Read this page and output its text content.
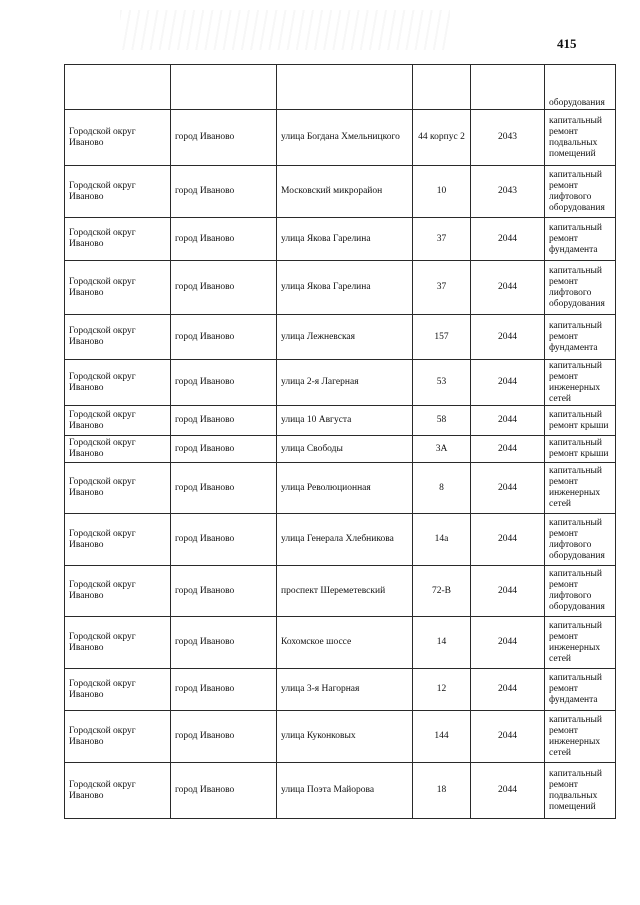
415
					оборудования
Городской округ Иваново	город Иваново	улица Богдана Хмельницкого	44 корпус 2	2043	капитальный ремонт подвальных помещений
Городской округ Иваново	город Иваново	Московский микрорайон	10	2043	капитальный ремонт лифтового оборудования
Городской округ Иваново	город Иваново	улица Якова Гарелина	37	2044	капитальный ремонт фундамента
Городской округ Иваново	город Иваново	улица Якова Гарелина	37	2044	капитальный ремонт лифтового оборудования
Городской округ Иваново	город Иваново	улица Лежневская	157	2044	капитальный ремонт фундамента
Городской округ Иваново	город Иваново	улица 2-я Лагерная	53	2044	капитальный ремонт инженерных сетей
Городской округ Иваново	город Иваново	улица 10 Августа	58	2044	капитальный ремонт крыши
Городской округ Иваново	город Иваново	улица Свободы	3А	2044	капитальный ремонт крыши
Городской округ Иваново	город Иваново	улица Революционная	8	2044	капитальный ремонт инженерных сетей
Городской округ Иваново	город Иваново	улица Генерала Хлебникова	14а	2044	капитальный ремонт лифтового оборудования
Городской округ Иваново	город Иваново	проспект Шереметевский	72-В	2044	капитальный ремонт лифтового оборудования
Городской округ Иваново	город Иваново	Кохомское шоссе	14	2044	капитальный ремонт инженерных сетей
Городской округ Иваново	город Иваново	улица 3-я Нагорная	12	2044	капитальный ремонт фундамента
Городской округ Иваново	город Иваново	улица Куконковых	144	2044	капитальный ремонт инженерных сетей
Городской округ Иваново	город Иваново	улица Поэта Майорова	18	2044	капитальный ремонт подвальных помещений
